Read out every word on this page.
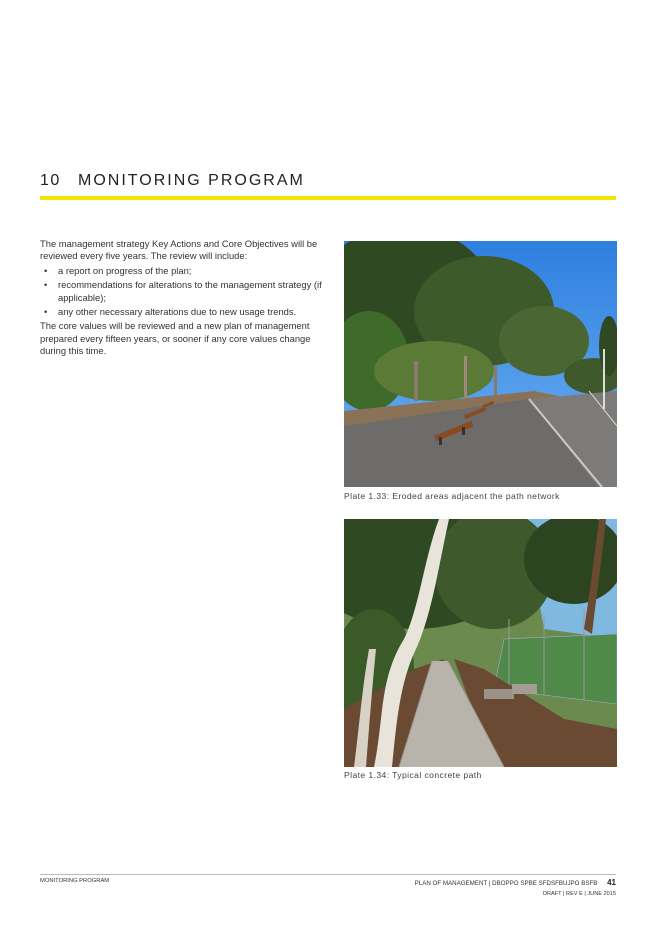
10 MONITORING PROGRAM

The management strategy Key Actions and Core Objectives will be reviewed every five years. The review will include:

• a report on progress of the plan;
• recommendations for alterations to the management strategy (if applicable);
• any other necessary alterations due to new usage trends.

The core values will be reviewed and a new plan of management prepared every fifteen years, or sooner if any core values change during this time.

Plate 1.33: Eroded areas adjacent the path network
Plate 1.34: Typical concrete path
MONITORING PROGRAM	PLAN OF MANAGEMENT | DBOPPO SPBE SFDSFBUJPO BSFB 41
DRAFT | REV E | JUNE 2015
